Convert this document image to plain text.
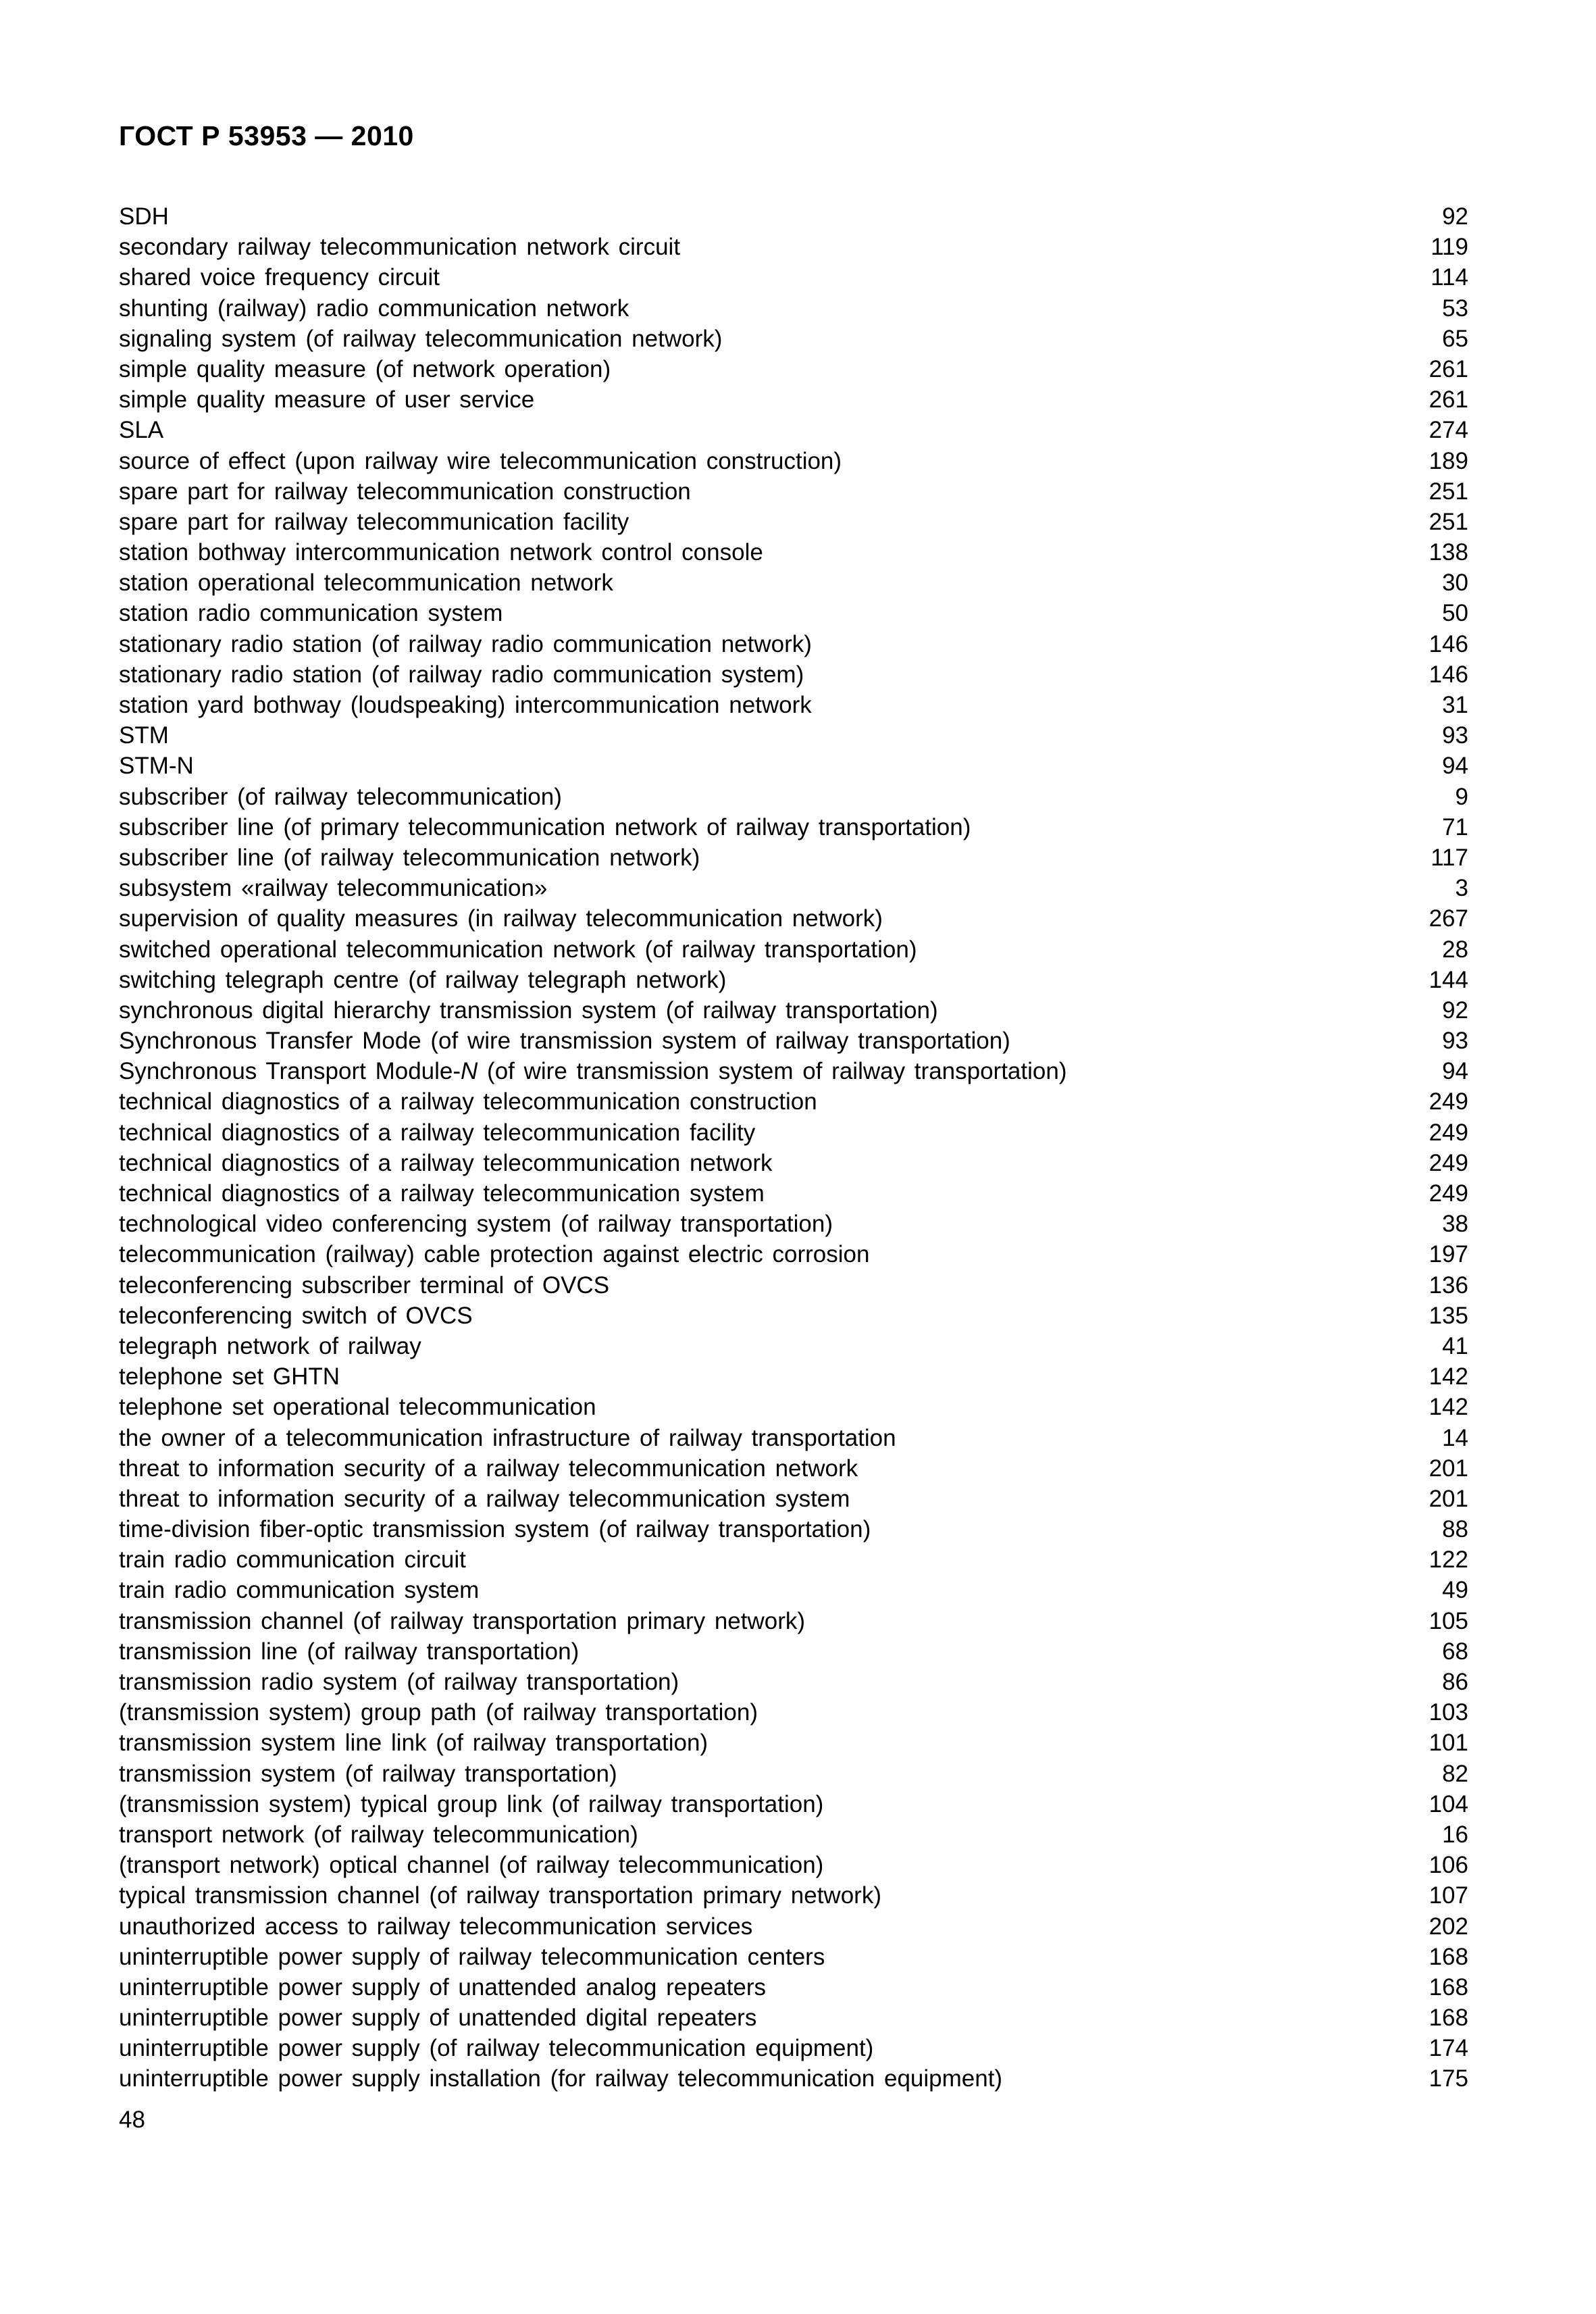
ГОСТ Р 53953 — 2010
SDH	92
secondary railway telecommunication network circuit	119
shared voice frequency circuit	114
shunting (railway) radio communication network	53
signaling system (of railway telecommunication network)	65
simple quality measure (of network operation)	261
simple quality measure of user service	261
SLA	274
source of effect (upon railway wire telecommunication construction)	189
spare part for railway telecommunication construction	251
spare part for railway telecommunication facility	251
station bothway intercommunication network control console	138
station operational telecommunication network	30
station radio communication system	50
stationary radio station (of railway radio communication network)	146
stationary radio station (of railway radio communication system)	146
station yard bothway (loudspeaking) intercommunication network	31
STM	93
STM-N	94
subscriber (of railway telecommunication)	9
subscriber line (of primary telecommunication network of railway transportation)	71
subscriber line (of railway telecommunication network)	117
subsystem «railway telecommunication»	3
supervision of quality measures (in railway telecommunication network)	267
switched operational telecommunication network (of railway transportation)	28
switching telegraph centre (of railway telegraph network)	144
synchronous digital hierarchy transmission system (of railway transportation)	92
Synchronous Transfer Mode (of wire transmission system of railway transportation)	93
Synchronous Transport Module-N (of wire transmission system of railway transportation)	94
technical diagnostics of a railway telecommunication construction	249
technical diagnostics of a railway telecommunication facility	249
technical diagnostics of a railway telecommunication network	249
technical diagnostics of a railway telecommunication system	249
technological video conferencing system (of railway transportation)	38
telecommunication (railway) cable protection against electric corrosion	197
teleconferencing subscriber terminal of OVCS	136
teleconferencing switch of OVCS	135
telegraph network of railway	41
telephone set GHTN	142
telephone set operational telecommunication	142
the owner of a telecommunication infrastructure of railway transportation	14
threat to information security of a railway telecommunication network	201
threat to information security of a railway telecommunication system	201
time-division fiber-optic transmission system (of railway transportation)	88
train radio communication circuit	122
train radio communication system	49
transmission channel (of railway transportation primary network)	105
transmission line (of railway transportation)	68
transmission radio system (of railway transportation)	86
(transmission system) group path (of railway transportation)	103
transmission system line link (of railway transportation)	101
transmission system (of railway transportation)	82
(transmission system) typical group link (of railway transportation)	104
transport network (of railway telecommunication)	16
(transport network) optical channel (of railway telecommunication)	106
typical transmission channel (of railway transportation primary network)	107
unauthorized access to railway telecommunication services	202
uninterruptible power supply of railway telecommunication centers	168
uninterruptible power supply of unattended analog repeaters	168
uninterruptible power supply of unattended digital repeaters	168
uninterruptible power supply (of railway telecommunication equipment)	174
uninterruptible power supply installation (for railway telecommunication equipment)	175
48
